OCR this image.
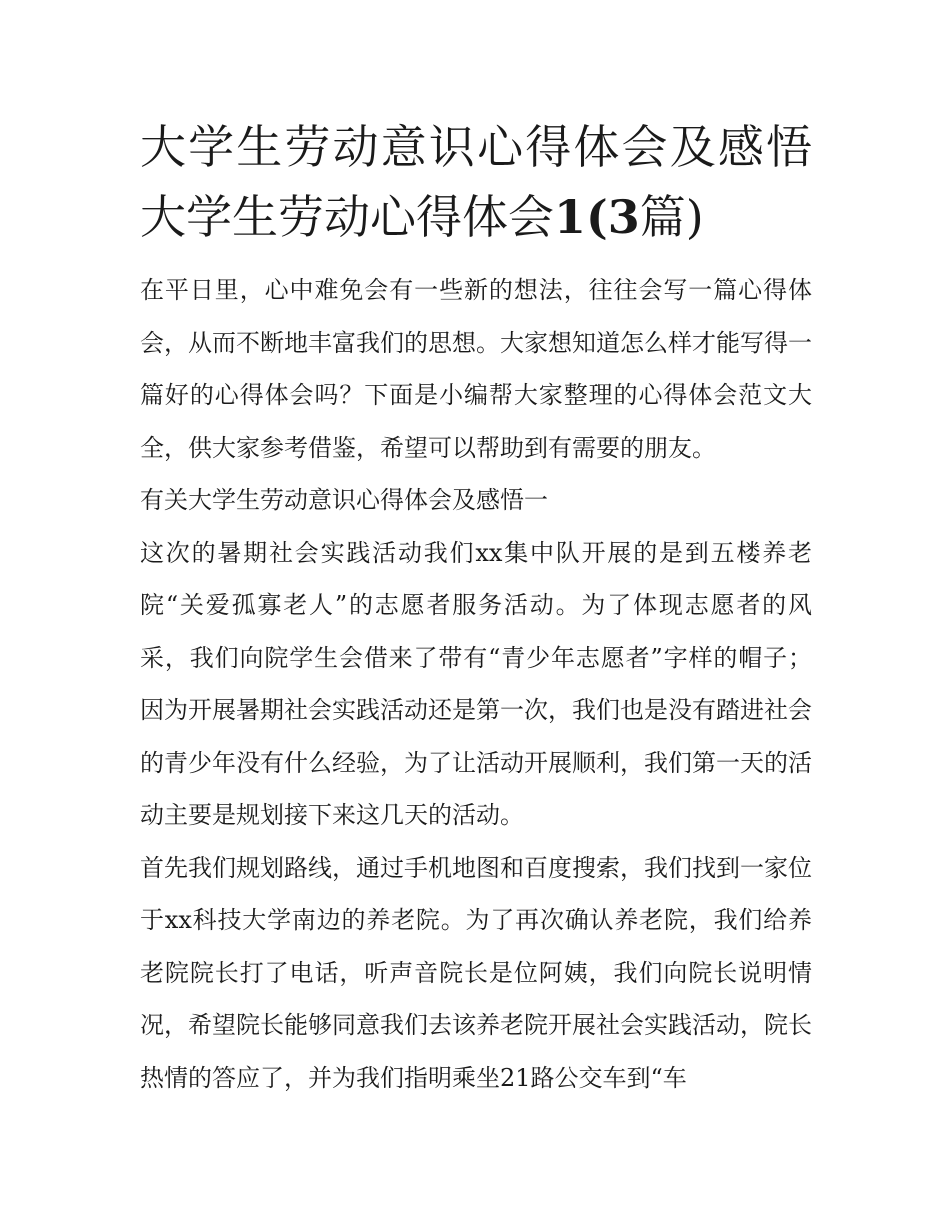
大学生劳动意识心得体会及感悟 大学生劳动心得体会1(3篇)

在平日里，心中难免会有一些新的想法，往往会写一篇心得体会，从而不断地丰富我们的思想。大家想知道怎么样才能写得一篇好的心得体会吗？下面是小编帮大家整理的心得体会范文大全，供大家参考借鉴，希望可以帮助到有需要的朋友。

有关大学生劳动意识心得体会及感悟一

这次的暑期社会实践活动我们xx集中队开展的是到五楼养老院“关爱孤寡老人”的志愿者服务活动。为了体现志愿者的风采，我们向院学生会借来了带有“青少年志愿者”字样的帽子；因为开展暑期社会实践活动还是第一次，我们也是没有踏进社会的青少年没有什么经验，为了让活动开展顺利，我们第一天的活动主要是规划接下来这几天的活动。

首先我们规划路线，通过手机地图和百度搜索，我们找到一家位于xx科技大学南边的养老院。为了再次确认养老院，我们给养老院院长打了电话，听声音院长是位阿姨，我们向院长说明情况，希望院长能够同意我们去该养老院开展社会实践活动，院长热情的答应了，并为我们指明乘坐21路公交车到“车
